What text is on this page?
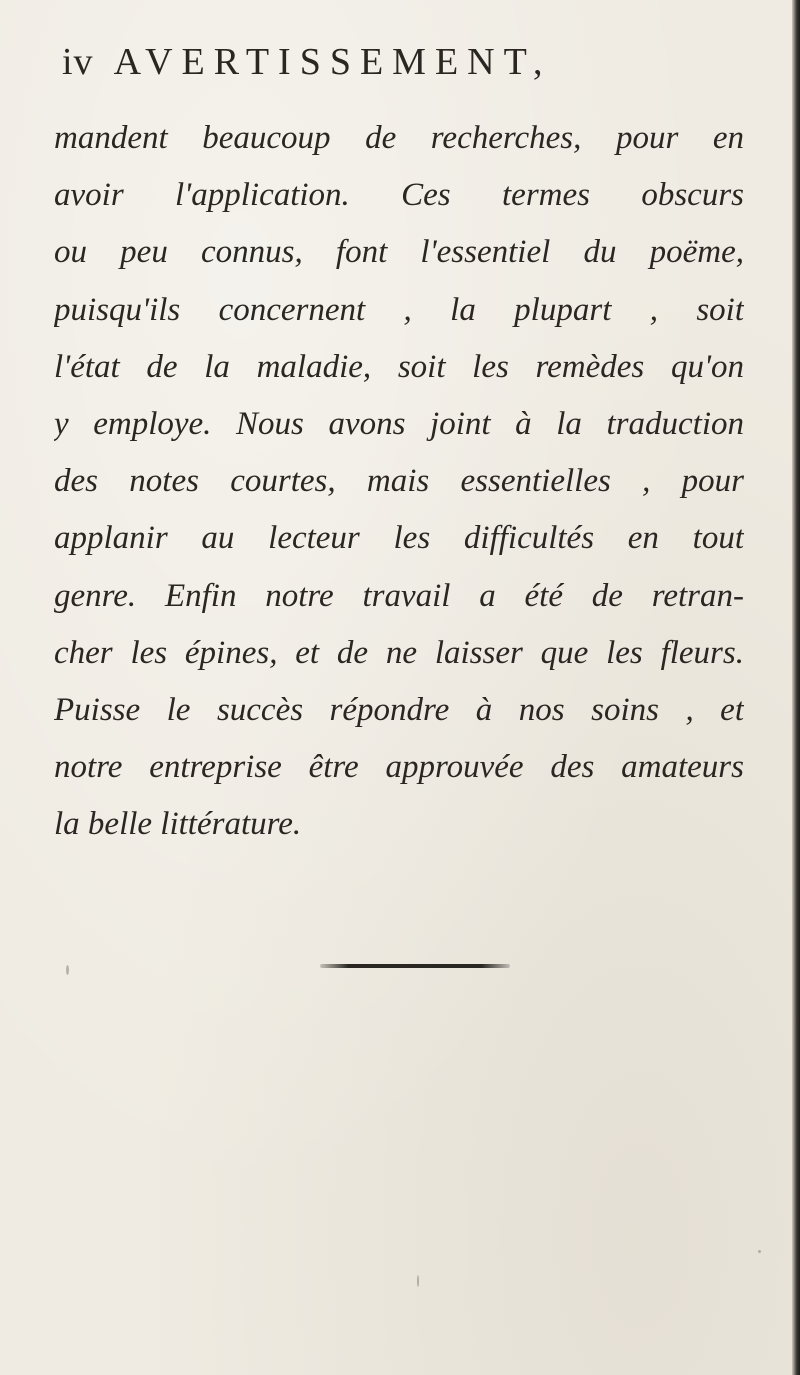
iv AVERTISSEMENT,
mandent beaucoup de recherches, pour en
avoir l'application. Ces termes obscurs
ou peu connus, font l'essentiel du poëme,
puisqu'ils concernent , la plupart , soit
l'état de la maladie, soit les remèdes qu'on
y employe. Nous avons joint à la traduction
des notes courtes, mais essentielles , pour
applanir au lecteur les difficultés en tout
genre. Enfin notre travail a été de retran-
cher les épines, et de ne laisser que les fleurs.
Puisse le succès répondre à nos soins , et
notre entreprise être approuvée des amateurs
la belle littérature.
